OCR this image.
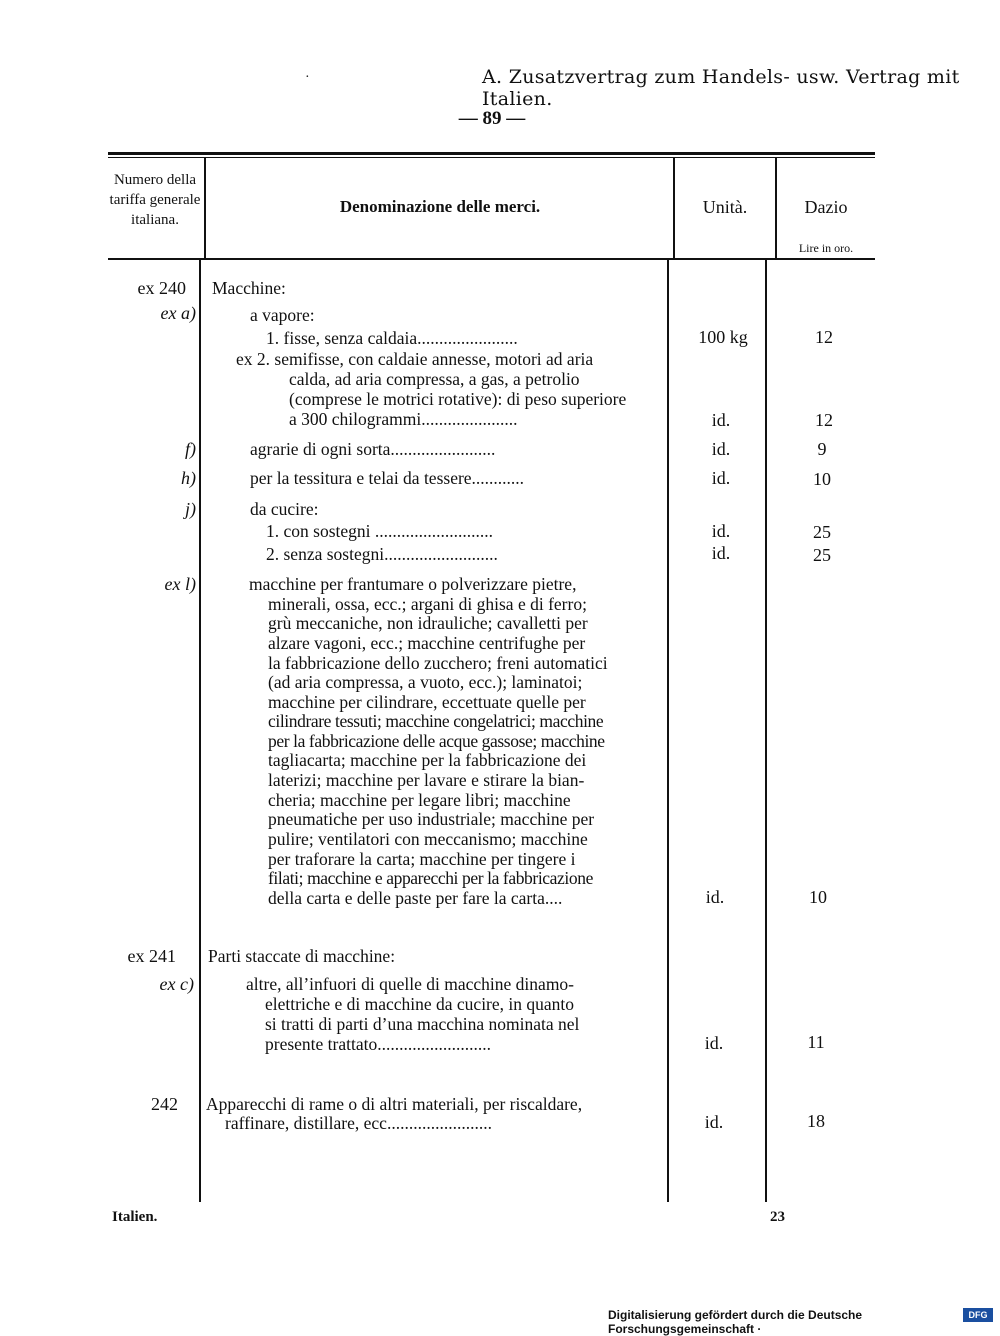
·	A. Zusatzvertrag zum Handels- usw. Vertrag mit Italien.
— 89 —
Numero della tariffa generale italiana.
Denominazione delle merci.	Unità.	Dazio
Lire in oro.
ex 240 Macchine:
ex a)	a vapore:
1. fisse, senza caldaia.......................	100 kg	12
ex 2. semifisse, con caldaie annesse, motori ad aria
calda, ad aria compressa, a gas, a petrolio
(comprese le motrici rotative): di peso superiore
a 300 chilogrammi......................	id.	12
f)	agrarie di ogni sorta........................	id.	9
h)	per la tessitura e telai da tessere............	id.	10
j)	da cucire:
1. con sostegni ...........................	id.	25
2. senza sostegni..........................	id.	25
ex l)	macchine per frantumare o polverizzare pietre,
minerali, ossa, ecc.; argani di ghisa e di ferro;
grù meccaniche, non idrauliche; cavalletti per
alzare vagoni, ecc.; macchine centrifughe per
la fabbricazione dello zucchero; freni automatici
(ad aria compressa, a vuoto, ecc.); laminatoi;
macchine per cilindrare, eccettuate quelle per
cilindrare tessuti; macchine congelatrici; macchine
per la fabbricazione delle acque gassose; macchine
tagliacarta; macchine per la fabbricazione dei
laterizi; macchine per lavare e stirare la bian-
cheria; macchine per legare libri; macchine
pneumatiche per uso industriale; macchine per
pulire; ventilatori con meccanismo; macchine
per traforare la carta; macchine per tingere i
filati; macchine e apparecchi per la fabbricazione
della carta e delle paste per fare la carta....	id.	10
ex 241 Parti staccate di macchine:
ex c)	altre, all’infuori di quelle di macchine dinamo-
elettriche e di macchine da cucire, in quanto
si tratti di parti d’una macchina nominata nel
presente trattato..........................	id.	11
242 Apparecchi di rame o di altri materiali, per riscaldare,
raffinare, distillare, ecc........................	id.	18
Italien.	23
Digitalisierung gefördert durch die Deutsche Forschungsgemeinschaft ·
DFG
